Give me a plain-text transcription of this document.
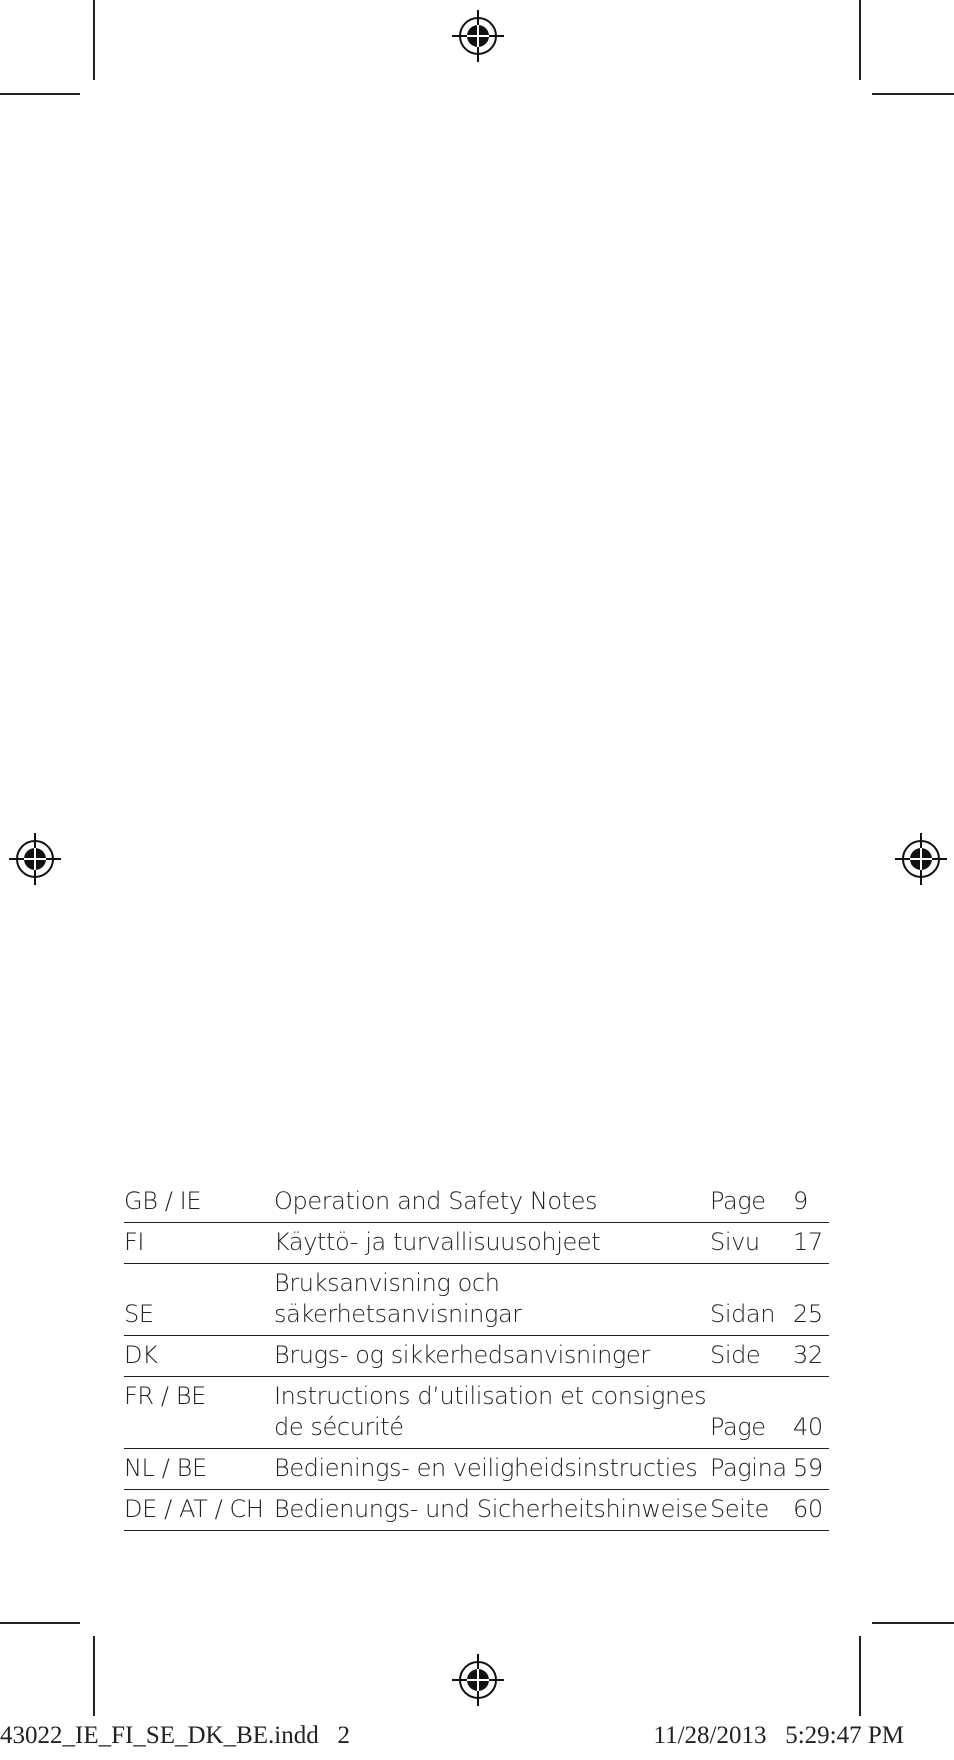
GB / IE	Operation and Safety Notes	Page	9
FI	Käyttö- ja turvallisuusohjeet	Sivu	17
SE	Bruksanvisning och säkerhetsanvisningar	Sidan	25
DK	Brugs- og sikkerhedsanvisninger	Side	32
FR / BE	Instructions d’utilisation et consignes de sécurité	Page	40
NL / BE	Bedienings- en veiligheidsinstructies	Pagina	59
DE / AT / CH	Bedienungs- und Sicherheitshinweise	Seite	60
43022_IE_FI_SE_DK_BE.indd   2	11/28/2013   5:29:47 PM
